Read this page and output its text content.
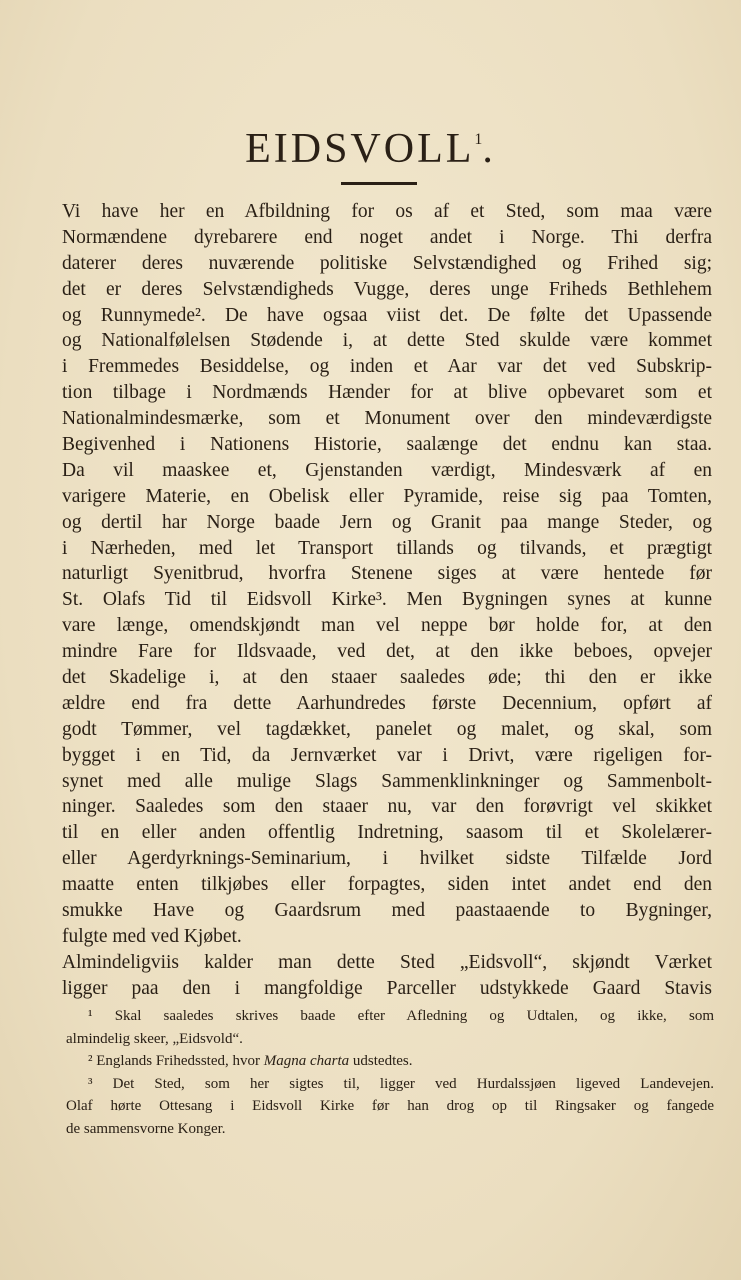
EIDSVOLL$^1$.
Vi have her en Afbildning for os af et Sted, som maa være
Normændene dyrebarere end noget andet i Norge. Thi derfra
daterer deres nuværende politiske Selvstændighed og Frihed sig;
det er deres Selvstændigheds Vugge, deres unge Friheds Bethlehem
og Runnymede². De have ogsaa viist det. De følte det Upassende
og Nationalfølelsen Stødende i, at dette Sted skulde være kommet
i Fremmedes Besiddelse, og inden et Aar var det ved Subskrip-
tion tilbage i Nordmænds Hænder for at blive opbevaret som et
Nationalmindesmærke, som et Monument over den mindeværdigste
Begivenhed i Nationens Historie, saalænge det endnu kan staa.
Da vil maaskee et, Gjenstanden værdigt, Mindesværk af en
varigere Materie, en Obelisk eller Pyramide, reise sig paa Tomten,
og dertil har Norge baade Jern og Granit paa mange Steder, og
i Nærheden, med let Transport tillands og tilvands, et prægtigt
naturligt Syenitbrud, hvorfra Stenene siges at være hentede før
St. Olafs Tid til Eidsvoll Kirke³. Men Bygningen synes at kunne
vare længe, omendskjøndt man vel neppe bør holde for, at den
mindre Fare for Ildsvaade, ved det, at den ikke beboes, opvejer
det Skadelige i, at den staaer saaledes øde; thi den er ikke
ældre end fra dette Aarhundredes første Decennium, opført af
godt Tømmer, vel tagdækket, panelet og malet, og skal, som
bygget i en Tid, da Jernværket var i Drivt, være rigeligen for-
synet med alle mulige Slags Sammenklinkninger og Sammenbolt-
ninger. Saaledes som den staaer nu, var den forøvrigt vel skikket
til en eller anden offentlig Indretning, saasom til et Skolelærer-
eller Agerdyrknings-Seminarium, i hvilket sidste Tilfælde Jord
maatte enten tilkjøbes eller forpagtes, siden intet andet end den
smukke Have og Gaardsrum med paastaaende to Bygninger,
fulgte med ved Kjøbet.
Almindeligviis kalder man dette Sted „Eidsvoll“, skjøndt Værket
ligger paa den i mangfoldige Parceller udstykkede Gaard Stavis
¹ Skal saaledes skrives baade efter Afledning og Udtalen, og ikke, som
almindelig skeer, „Eidsvold“.
² Englands Frihedssted, hvor Magna charta udstedtes.
³ Det Sted, som her sigtes til, ligger ved Hurdalssjøen ligeved Landevejen.
Olaf hørte Ottesang i Eidsvoll Kirke før han drog op til Ringsaker og fangede
de sammensvorne Konger.
